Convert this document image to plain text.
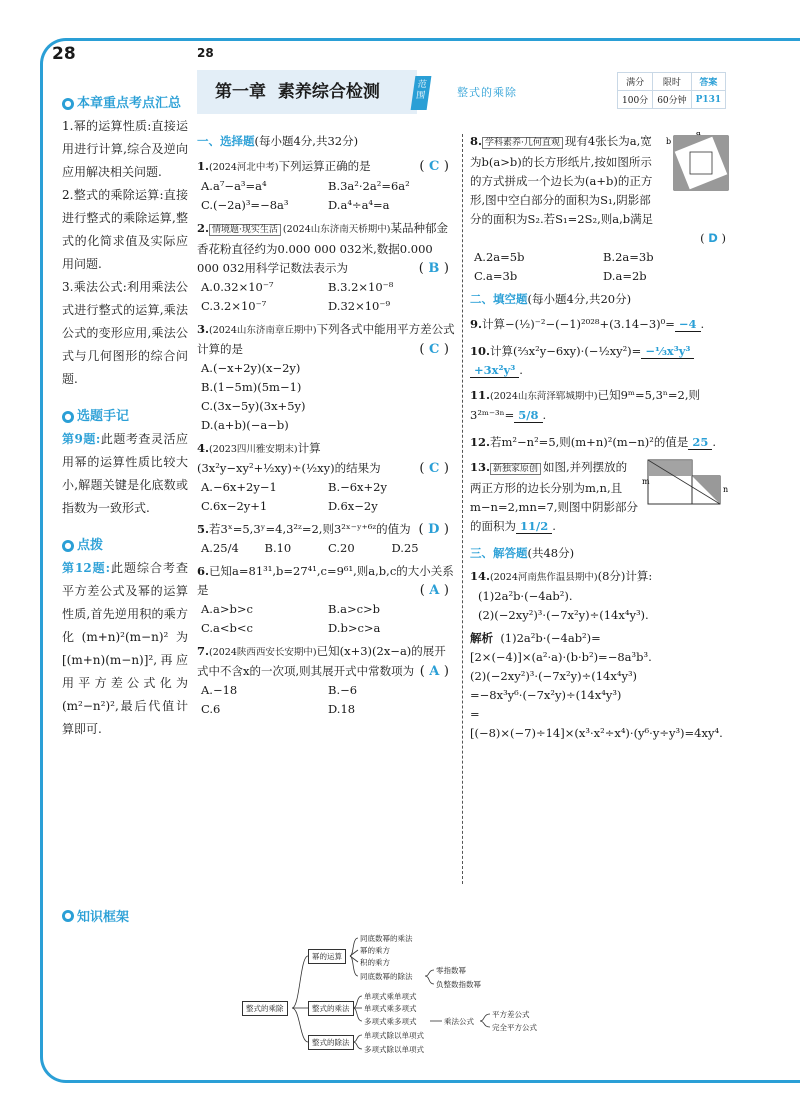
28	28
第一章 素养综合检测	范围	整式的乘除
满分	限时	答案
100分	60分钟	P131
● 本章重点考点汇总

1.幂的运算性质:直接运用进行计算,综合及逆向应用解决相关问题.

2.整式的乘除运算:直接进行整式的乘除运算,整式的化简求值及实际应用问题.

3.乘法公式:利用乘法公式进行整式的运算,乘法公式的变形应用,乘法公式与几何图形的综合问题.

● 选题手记

第9题:此题考查灵活应用幂的运算性质比较大小,解题关键是化底数或指数为一致形式.

● 点拨

第12题:此题综合考查平方差公式及幂的运算性质,首先逆用积的乘方化(m+n)²(m−n)²为[(m+n)(m−n)]²,再应用平方差公式化为(m²−n²)²,最后代值计算即可.

一、选择题(每小题4分,共32分)
1.(2024河北中考)下列运算正确的是	( C )
A.a⁷−a³=a⁴	B.3a²·2a²=6a²
C.(−2a)³=−8a³	D.a⁴÷a⁴=a
2. 情境题·现实生活 (2024山东济南天桥期中)某品种郁金香花粉直径约为0.000 000 032米,数据0.000 000 032用科学记数法表示为	( B )
A.0.32×10⁻⁷	B.3.2×10⁻⁸
C.3.2×10⁻⁷	D.32×10⁻⁹
3.(2024山东济南章丘期中)下列各式中能用平方差公式计算的是	( C )
A.(−x+2y)(x−2y)
B.(1−5m)(5m−1)
C.(3x−5y)(3x+5y)
D.(a+b)(−a−b)
4.(2023四川雅安期末)计算(3x²y−xy²+½xy)÷(½xy)的结果为	( C )
A.−6x+2y−1	B.−6x+2y
C.6x−2y+1	D.6x−2y
5.若3ˣ=5,3ʸ=4,3²ᶻ=2,则3²ˣ⁻ʸ⁺⁶ᶻ的值为 ( D )
A.25/4	B.10	C.20	D.25
6.已知a=81³¹,b=27⁴¹,c=9⁶¹,则a,b,c的大小关系是	( A )
A.a>b>c	B.a>c>b
C.a<b<c	D.b>c>a
7.(2024陕西西安长安期中)已知(x+3)(2x−a)的展开式中不含x的一次项,则其展开式中常数项为 ( A )
A.−18	B.−6
C.6	D.18
b
a
8. 学科素养·几何直观 现有4张长为a,宽为b(a>b)的长方形纸片,按如图所示的方式拼成一个边长为(a+b)的正方形,图中空白部分的面积为S₁,阴影部分的面积为S₂.若S₁=2S₂,则a,b满足
( D )
A.2a=5b	B.2a=3b
C.a=3b	D.a=2b
二、填空题(每小题4分,共20分)
9.计算−(½)⁻²−(−1)²⁰²⁸+(3.14−3)⁰= −4 .
10.计算(⅔x²y−6xy)·(−½xy²)= −⅓x³y³
+3x²y³ .
11.(2024山东菏泽郓城期中)已知9ᵐ=5,3ⁿ=2,则3²ᵐ⁻³ⁿ= 5/8 .
12.若m²−n²=5,则(m+n)²(m−n)²的值是 25 .
m
n
13. 新独家原创 如图,并列摆放的两正方形的边长分别为m,n,且m−n=2,mn=7,则图中阴影部分的面积为 11/2 .
三、解答题(共48分)
14.(2024河南焦作温县期中)(8分)计算:
(1)2a²b·(−4ab²).
(2)(−2xy²)³·(−7x²y)÷(14x⁴y³).
解析 (1)2a²b·(−4ab²)=[2×(−4)]×(a²·a)·(b·b²)=−8a³b³.
(2)(−2xy²)³·(−7x²y)÷(14x⁴y³)
=−8x³y⁶·(−7x²y)÷(14x⁴y³)
=[(−8)×(−7)÷14]×(x³·x²÷x⁴)·(y⁶·y÷y³)=4xy⁴.
● 知识框架
整式的乘除
幂的运算
同底数幂的乘法
幂的乘方
积的乘方
同底数幂的除法
零指数幂
负整数指数幂
整式的乘法
单项式乘单项式
单项式乘多项式
多项式乘多项式	乘法公式
平方差公式
完全平方公式
整式的除法
单项式除以单项式
多项式除以单项式
